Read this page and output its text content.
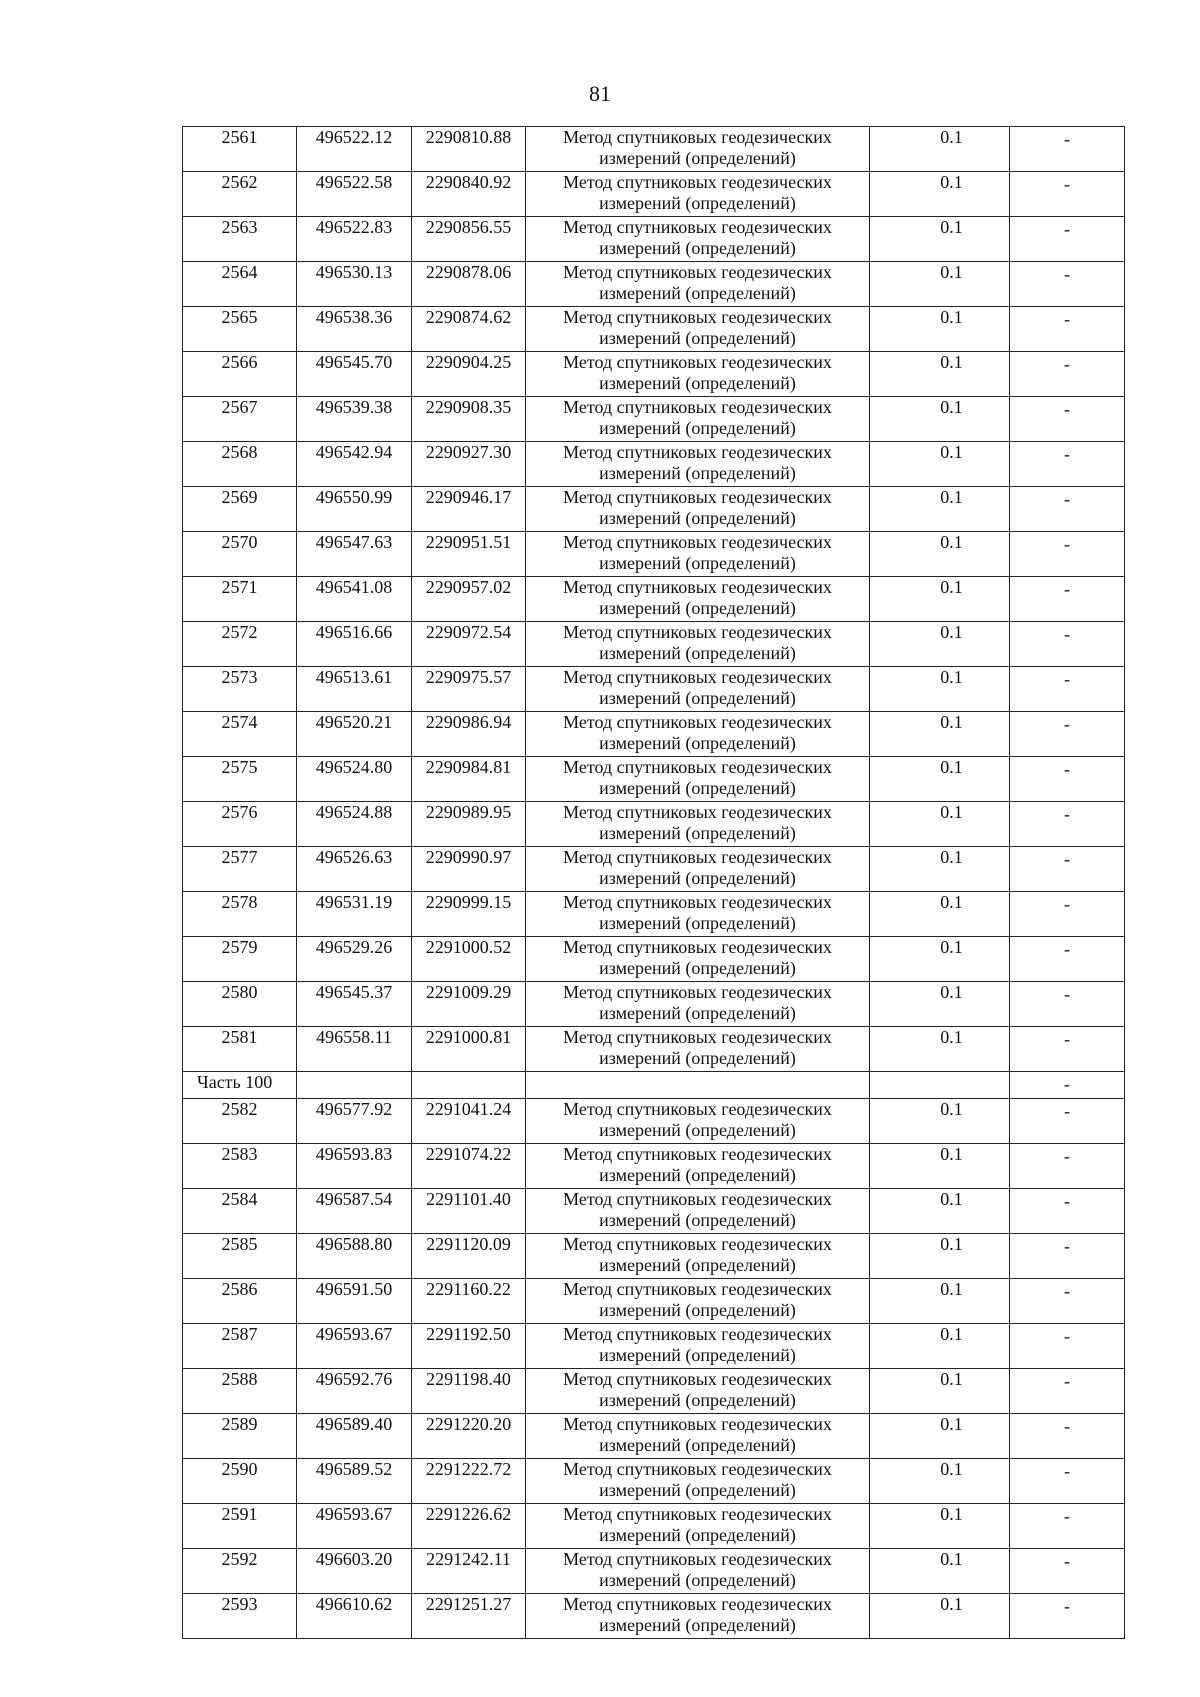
81
2561	496522.12	2290810.88	Метод спутниковых геодезических измерений (определений)	0.1	-
2562	496522.58	2290840.92	Метод спутниковых геодезических измерений (определений)	0.1	-
2563	496522.83	2290856.55	Метод спутниковых геодезических измерений (определений)	0.1	-
2564	496530.13	2290878.06	Метод спутниковых геодезических измерений (определений)	0.1	-
2565	496538.36	2290874.62	Метод спутниковых геодезических измерений (определений)	0.1	-
2566	496545.70	2290904.25	Метод спутниковых геодезических измерений (определений)	0.1	-
2567	496539.38	2290908.35	Метод спутниковых геодезических измерений (определений)	0.1	-
2568	496542.94	2290927.30	Метод спутниковых геодезических измерений (определений)	0.1	-
2569	496550.99	2290946.17	Метод спутниковых геодезических измерений (определений)	0.1	-
2570	496547.63	2290951.51	Метод спутниковых геодезических измерений (определений)	0.1	-
2571	496541.08	2290957.02	Метод спутниковых геодезических измерений (определений)	0.1	-
2572	496516.66	2290972.54	Метод спутниковых геодезических измерений (определений)	0.1	-
2573	496513.61	2290975.57	Метод спутниковых геодезических измерений (определений)	0.1	-
2574	496520.21	2290986.94	Метод спутниковых геодезических измерений (определений)	0.1	-
2575	496524.80	2290984.81	Метод спутниковых геодезических измерений (определений)	0.1	-
2576	496524.88	2290989.95	Метод спутниковых геодезических измерений (определений)	0.1	-
2577	496526.63	2290990.97	Метод спутниковых геодезических измерений (определений)	0.1	-
2578	496531.19	2290999.15	Метод спутниковых геодезических измерений (определений)	0.1	-
2579	496529.26	2291000.52	Метод спутниковых геодезических измерений (определений)	0.1	-
2580	496545.37	2291009.29	Метод спутниковых геодезических измерений (определений)	0.1	-
2581	496558.11	2291000.81	Метод спутниковых геодезических измерений (определений)	0.1	-
Часть 100					-
2582	496577.92	2291041.24	Метод спутниковых геодезических измерений (определений)	0.1	-
2583	496593.83	2291074.22	Метод спутниковых геодезических измерений (определений)	0.1	-
2584	496587.54	2291101.40	Метод спутниковых геодезических измерений (определений)	0.1	-
2585	496588.80	2291120.09	Метод спутниковых геодезических измерений (определений)	0.1	-
2586	496591.50	2291160.22	Метод спутниковых геодезических измерений (определений)	0.1	-
2587	496593.67	2291192.50	Метод спутниковых геодезических измерений (определений)	0.1	-
2588	496592.76	2291198.40	Метод спутниковых геодезических измерений (определений)	0.1	-
2589	496589.40	2291220.20	Метод спутниковых геодезических измерений (определений)	0.1	-
2590	496589.52	2291222.72	Метод спутниковых геодезических измерений (определений)	0.1	-
2591	496593.67	2291226.62	Метод спутниковых геодезических измерений (определений)	0.1	-
2592	496603.20	2291242.11	Метод спутниковых геодезических измерений (определений)	0.1	-
2593	496610.62	2291251.27	Метод спутниковых геодезических измерений (определений)	0.1	-
